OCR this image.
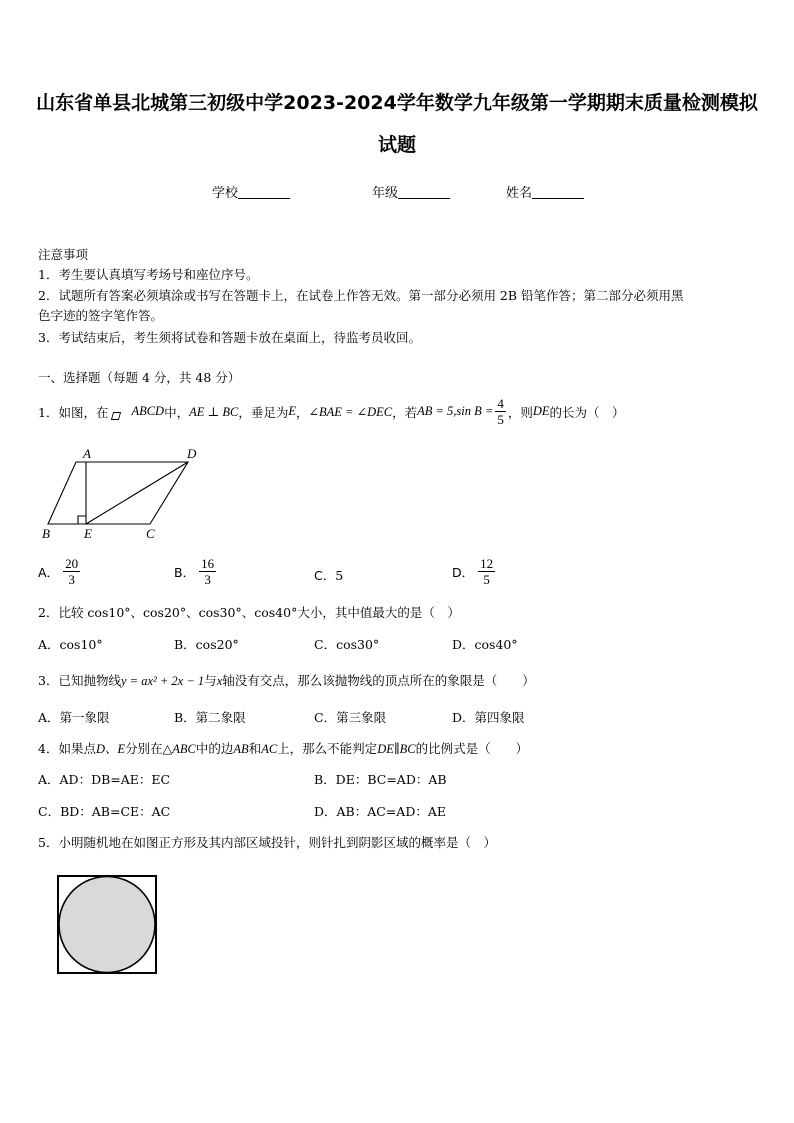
山东省单县北城第三初级中学2023-2024学年数学九年级第一学期期末质量检测模拟
试题
学校	年级	姓名
注意事项
1．考生要认真填写考场号和座位序号。
2．试题所有答案必须填涂或书写在答题卡上，在试卷上作答无效。第一部分必须用 2B 铅笔作答；第二部分必须用黑
色字迹的签字笔作答。
3．考试结束后，考生须将试卷和答题卡放在桌面上，待监考员收回。
一、选择题（每题 4 分，共 48 分）
1．如图，在 ABCD 中， AE ⊥ BC ，垂足为 E ， ∠BAE = ∠DEC ，若 AB = 5,sin $B = \frac{4}{5}$ ，则 DE 的长为（　）
A	D
B	E	C
A． $\frac{20}{3}$	B． $\frac{16}{3}$	C．5	D． $\frac{12}{5}$
2．比较 cos10°、cos20°、cos30°、cos40°大小，其中值最大的是（　）
A．cos10°	B．cos20°	C．cos30°	D．cos40°
3．已知抛物线y = ax² + 2x − 1与x轴没有交点，那么该抛物线的顶点所在的象限是（　　）
A．第一象限	B．第二象限	C．第三象限	D．第四象限
4．如果点D、E分别在△ABC中的边AB和AC上，那么不能判定DE∥BC的比例式是（　　）
A．AD：DB=AE：EC	B．DE：BC=AD：AB
C．BD：AB=CE：AC	D．AB：AC=AD：AE
5．小明随机地在如图正方形及其内部区域投针，则针扎到阴影区域的概率是（　）
